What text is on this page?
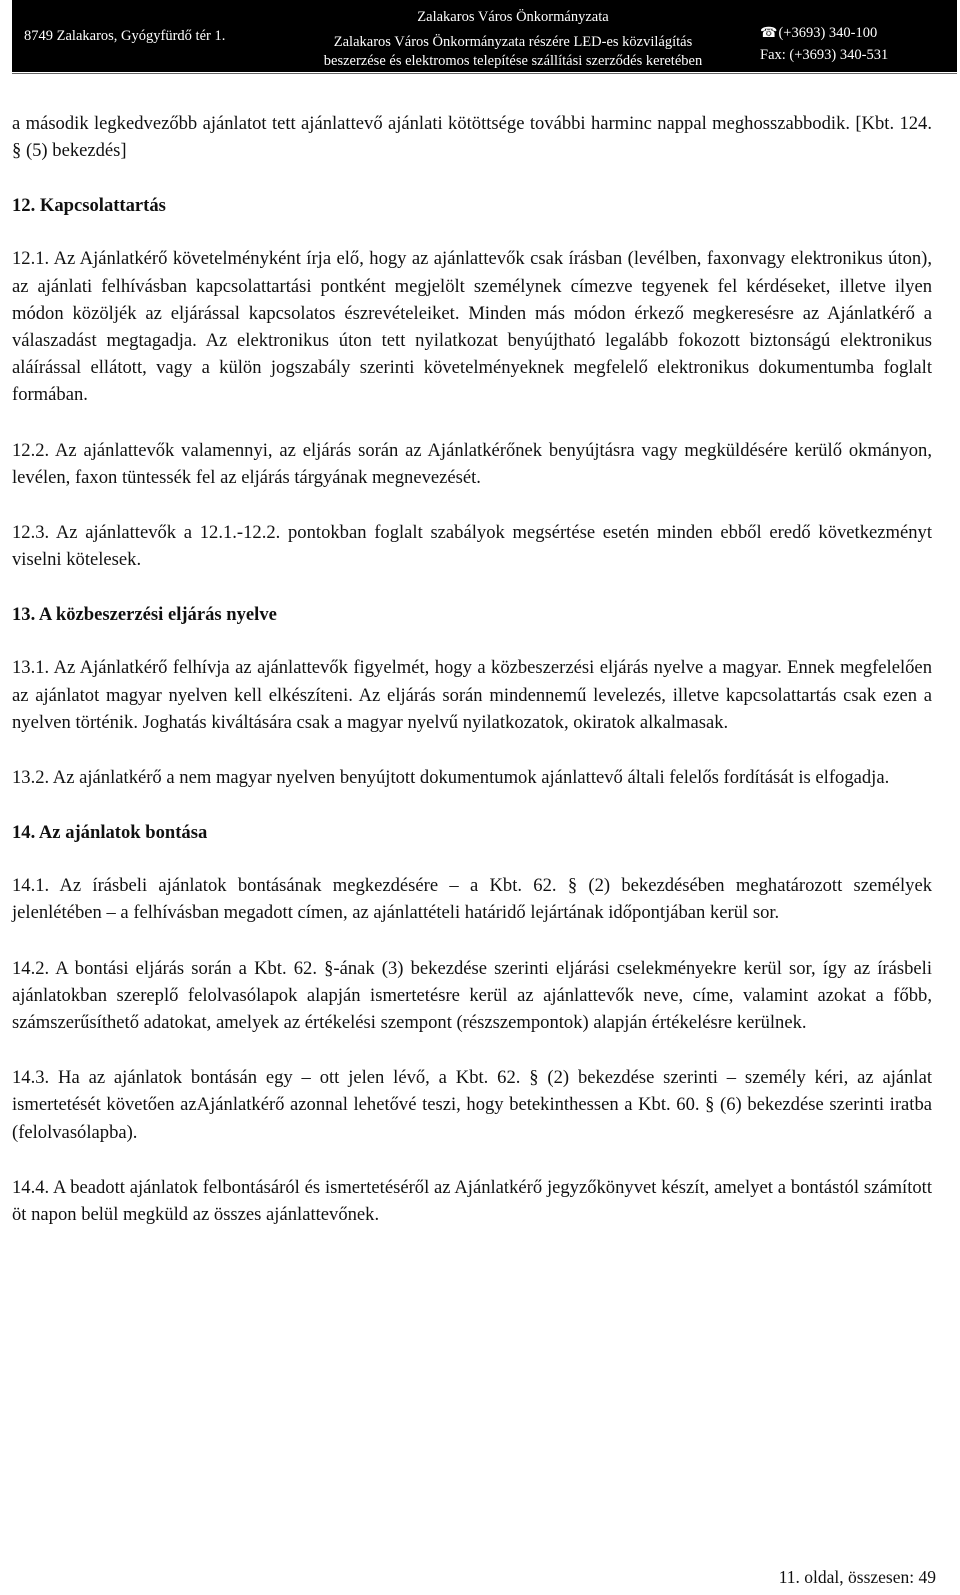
8749 Zalakaros, Gyógyfürdő tér 1.	
Zalakaros Város Önkormányzata
Zalakaros Város Önkormányzata részére LED-es közvilágítás
beszerzése és elektromos telepítése szállítási szerződés keretében

☎(+3693) 340-100
Fax: (+3693) 340-531

a második legkedvezőbb ajánlatot tett ajánlattevő ajánlati kötöttsége további harminc nappal meghosszabbodik. [Kbt. 124. § (5) bekezdés]

12. Kapcsolattartás

12.1. Az Ajánlatkérő követelményként írja elő, hogy az ajánlattevők csak írásban (levélben, faxonvagy elektronikus úton), az ajánlati felhívásban kapcsolattartási pontként megjelölt személynek címezve tegyenek fel kérdéseket, illetve ilyen módon közöljék az eljárással kapcsolatos észrevételeiket. Minden más módon érkező megkeresésre az Ajánlatkérő a válaszadást megtagadja. Az elektronikus úton tett nyilatkozat benyújtható legalább fokozott biztonságú elektronikus aláírással ellátott, vagy a külön jogszabály szerinti követelményeknek megfelelő elektronikus dokumentumba foglalt formában.

12.2. Az ajánlattevők valamennyi, az eljárás során az Ajánlatkérőnek benyújtásra vagy megküldésére kerülő okmányon, levélen, faxon tüntessék fel az eljárás tárgyának megnevezését.

12.3. Az ajánlattevők a 12.1.-12.2. pontokban foglalt szabályok megsértése esetén minden ebből eredő következményt viselni kötelesek.

13. A közbeszerzési eljárás nyelve

13.1. Az Ajánlatkérő felhívja az ajánlattevők figyelmét, hogy a közbeszerzési eljárás nyelve a magyar. Ennek megfelelően az ajánlatot magyar nyelven kell elkészíteni. Az eljárás során mindennemű levelezés, illetve kapcsolattartás csak ezen a nyelven történik. Joghatás kiváltására csak a magyar nyelvű nyilatkozatok, okiratok alkalmasak.

13.2. Az ajánlatkérő a nem magyar nyelven benyújtott dokumentumok ajánlattevő általi felelős fordítását is elfogadja.

14. Az ajánlatok bontása

14.1. Az írásbeli ajánlatok bontásának megkezdésére – a Kbt. 62. § (2) bekezdésében meghatározott személyek jelenlétében – a felhívásban megadott címen, az ajánlattételi határidő lejártának időpontjában kerül sor.

14.2. A bontási eljárás során a Kbt. 62. §-ának (3) bekezdése szerinti eljárási cselekményekre kerül sor, így az írásbeli ajánlatokban szereplő felolvasólapok alapján ismertetésre kerül az ajánlattevők neve, címe, valamint azokat a főbb, számszerűsíthető adatokat, amelyek az értékelési szempont (részszempontok) alapján értékelésre kerülnek.

14.3. Ha az ajánlatok bontásán egy – ott jelen lévő, a Kbt. 62. § (2) bekezdése szerinti – személy kéri, az ajánlat ismertetését követően azAjánlatkérő azonnal lehetővé teszi, hogy betekinthessen a Kbt. 60. § (6) bekezdése szerinti iratba (felolvasólapba).

14.4. A beadott ajánlatok felbontásáról és ismertetéséről az Ajánlatkérő jegyzőkönyvet készít, amelyet a bontástól számított öt napon belül megküld az összes ajánlattevőnek.

11. oldal, összesen: 49
